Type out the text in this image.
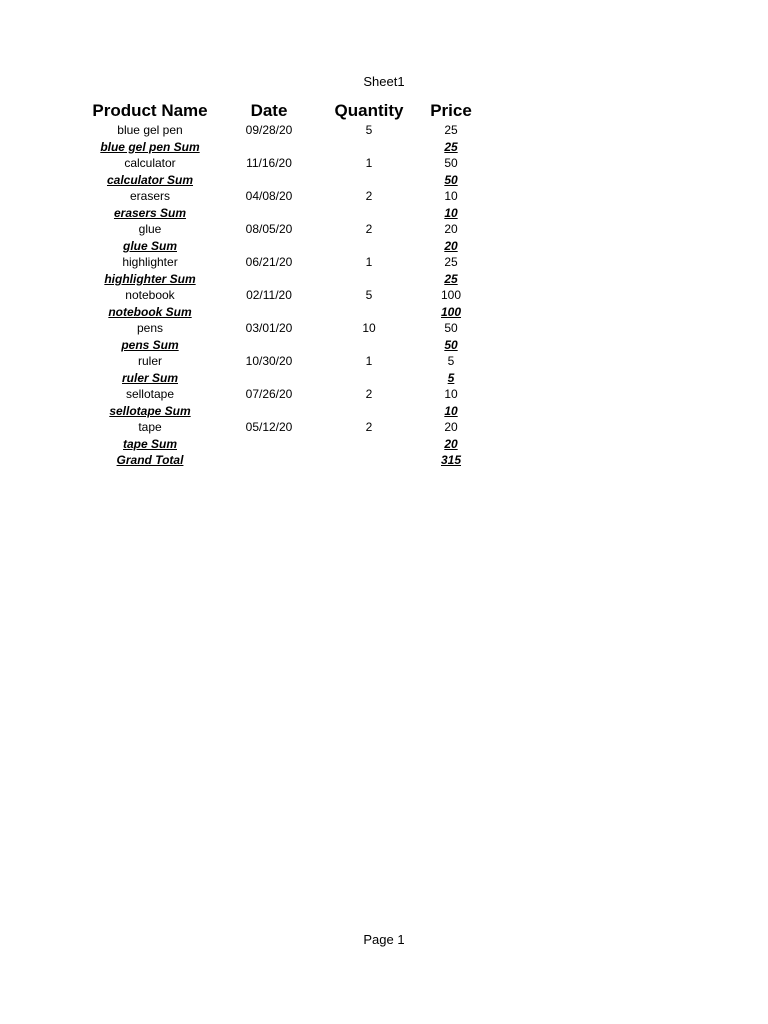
Sheet1
Product Name	Date	Quantity	Price
blue gel pen	09/28/20	5	25
blue gel pen Sum			25
calculator	11/16/20	1	50
calculator Sum			50
erasers	04/08/20	2	10
erasers Sum			10
glue	08/05/20	2	20
glue Sum			20
highlighter	06/21/20	1	25
highlighter Sum			25
notebook	02/11/20	5	100
notebook Sum			100
pens	03/01/20	10	50
pens Sum			50
ruler	10/30/20	1	5
ruler Sum			5
sellotape	07/26/20	2	10
sellotape Sum			10
tape	05/12/20	2	20
tape Sum			20
Grand Total			315
Page 1
